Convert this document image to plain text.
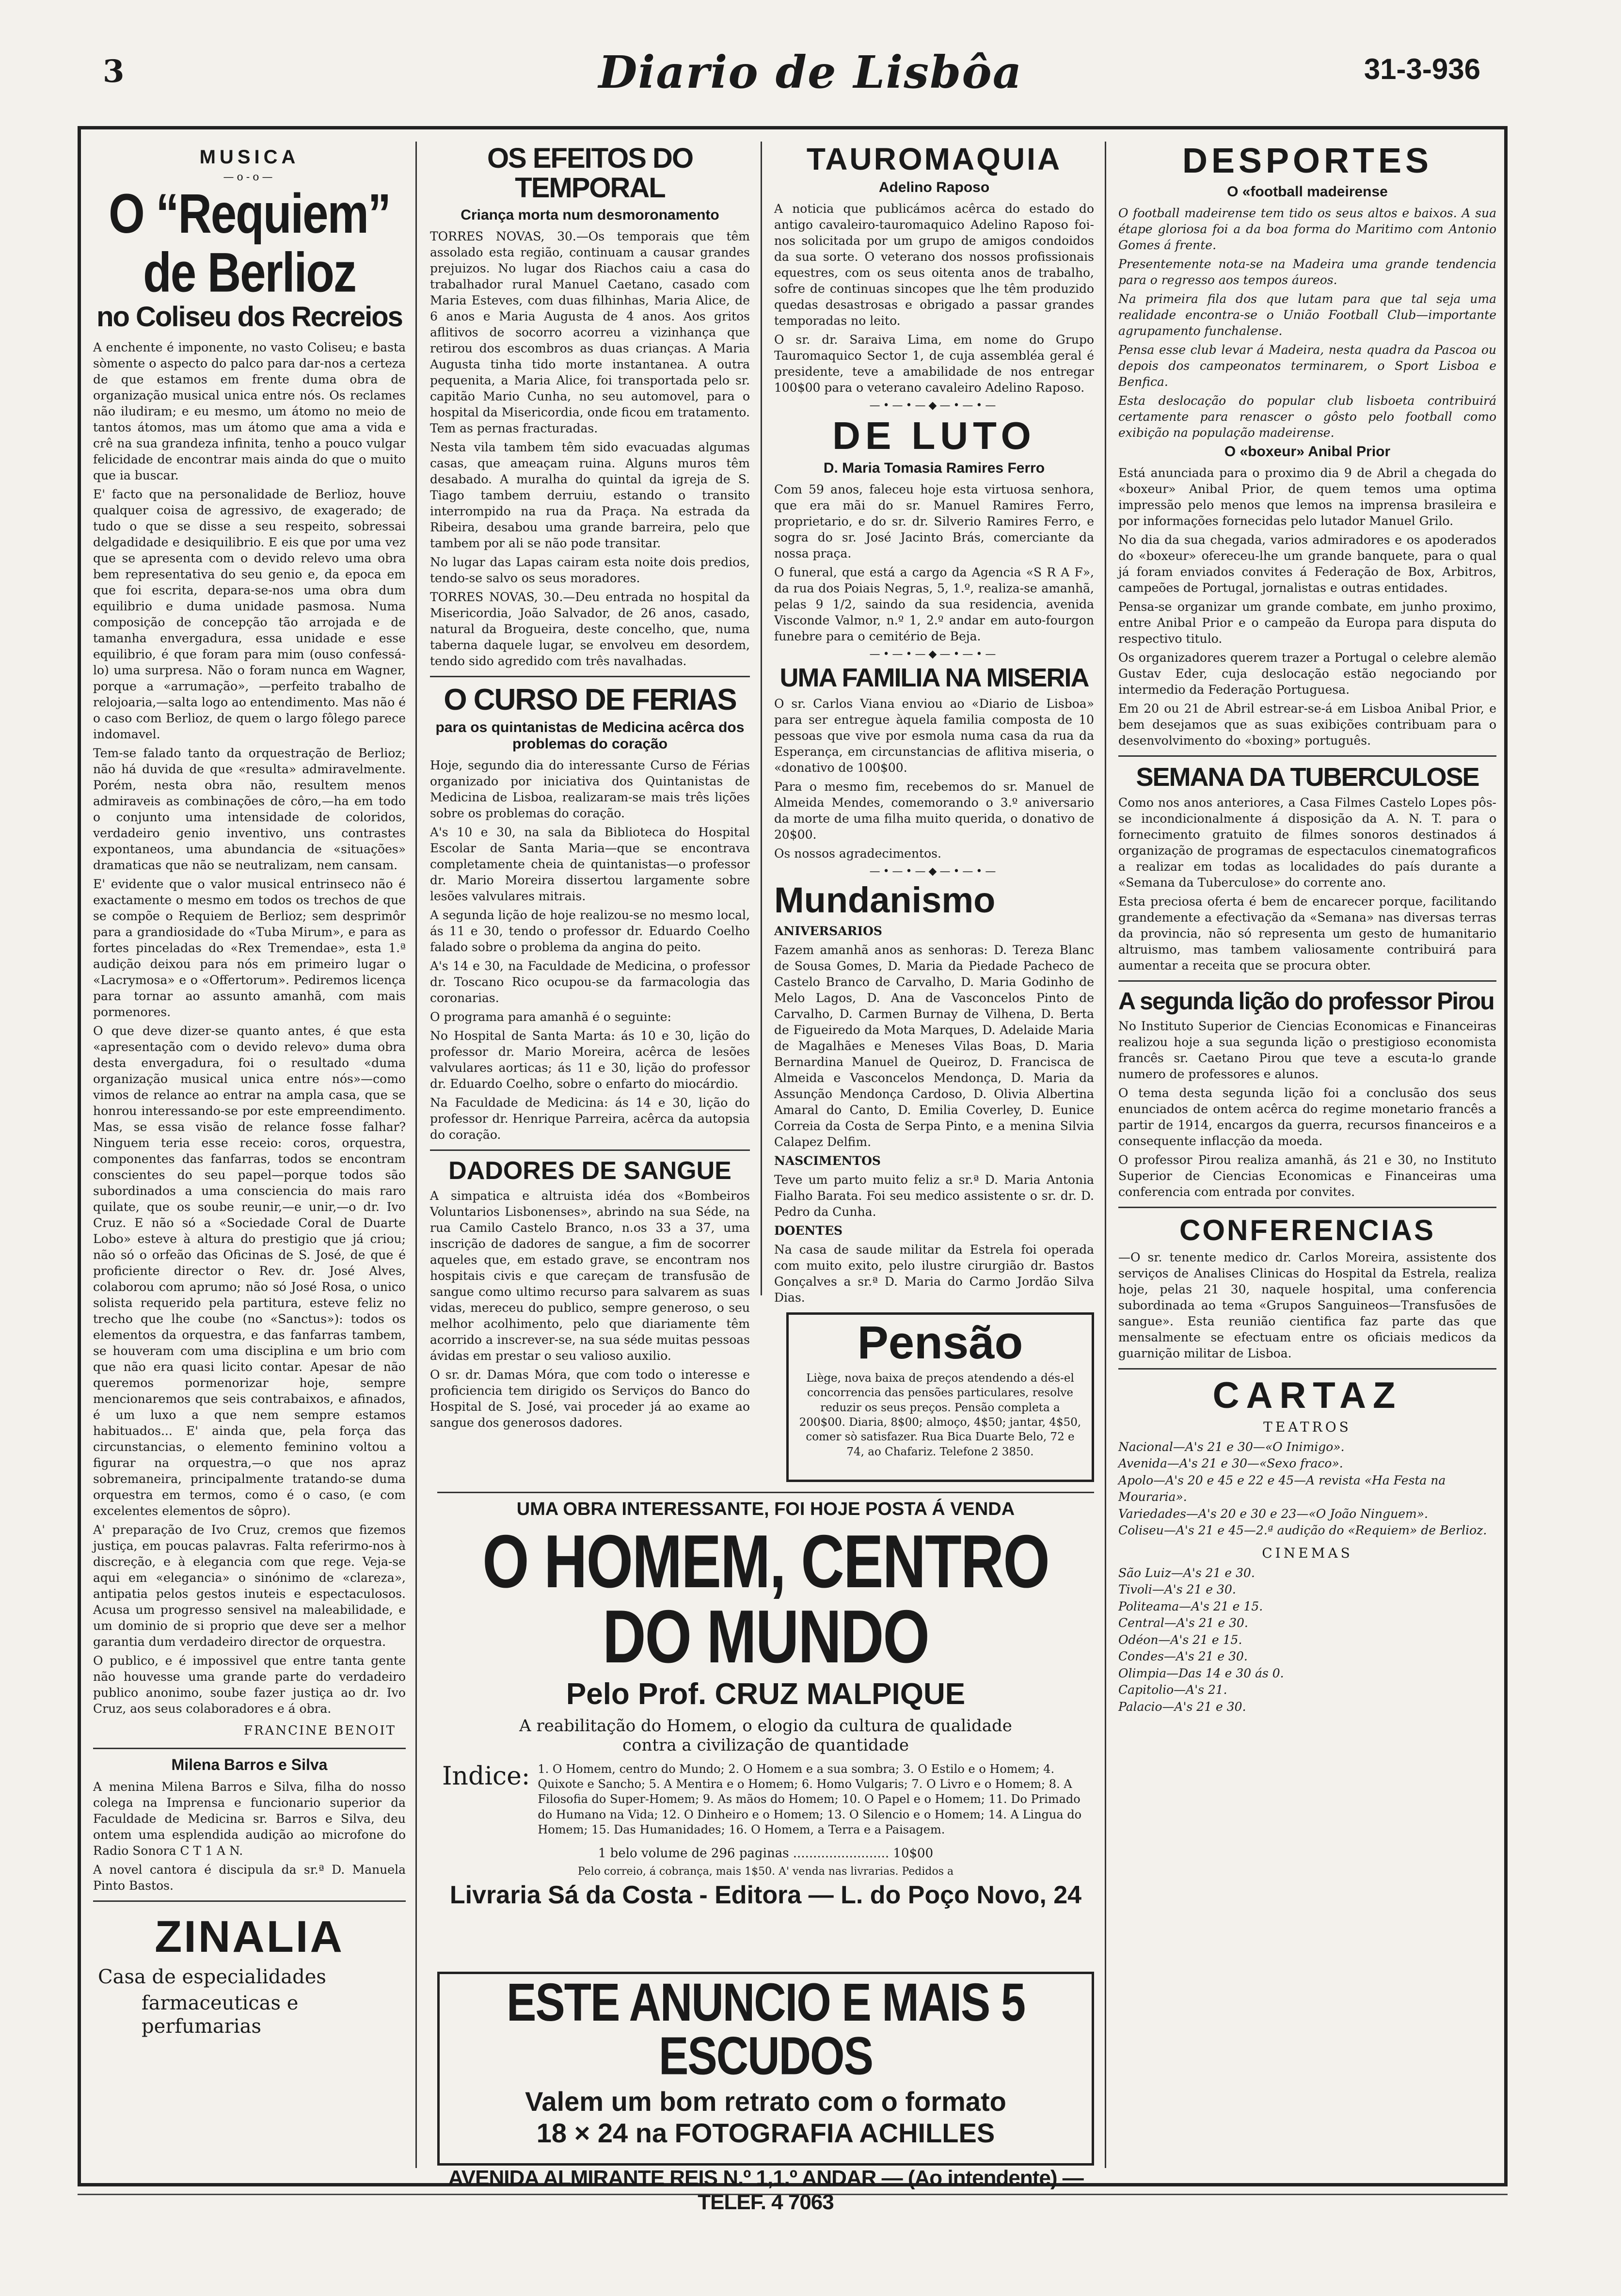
3	Diario de Lisbôa	31-3-936
MUSICA
—o-o—
O “Requiem” de Berlioz
no Coliseu dos Recreios

A enchente é imponente, no vasto Coliseu; e basta sòmente o aspecto do palco para dar-nos a certeza de que estamos em frente duma obra de organização musical unica entre nós. Os reclames não iludiram; e eu mesmo, um átomo no meio de tantos átomos, mas um átomo que ama a vida e crê na sua grandeza infinita, tenho a pouco vulgar felicidade de encontrar mais ainda do que o muito que ia buscar.

E' facto que na personalidade de Berlioz, houve qualquer coisa de agressivo, de exagerado; de tudo o que se disse a seu respeito, sobressai delgadidade e desiquilibrio. E eis que por uma vez que se apresenta com o devido relevo uma obra bem representativa do seu genio e, da epoca em que foi escrita, depara-se-nos uma obra dum equilibrio e duma unidade pasmosa. Numa composição de concepção tão arrojada e de tamanha envergadura, essa unidade e esse equilibrio, é que foram para mim (ouso confessá-lo) uma surpresa. Não o foram nunca em Wagner, porque a «arrumação», —perfeito trabalho de relojoaria,—salta logo ao entendimento. Mas não é o caso com Berlioz, de quem o largo fôlego parece indomavel.

Tem-se falado tanto da orquestração de Berlioz; não há duvida de que «resulta» admiravelmente. Porém, nesta obra não, resultem menos admiraveis as combinações de côro,—ha em todo o conjunto uma intensidade de coloridos, verdadeiro genio inventivo, uns contrastes expontaneos, uma abundancia de «situações» dramaticas que não se neutralizam, nem cansam.

E' evidente que o valor musical entrinseco não é exactamente o mesmo em todos os trechos de que se compõe o Requiem de Berlioz; sem desprimôr para a grandiosidade do «Tuba Mirum», e para as fortes pinceladas do «Rex Tremendae», esta 1.ª audição deixou para nós em primeiro lugar o «Lacrymosa» e o «Offertorum». Pediremos licença para tornar ao assunto amanhã, com mais pormenores.

O que deve dizer-se quanto antes, é que esta «apresentação com o devido relevo» duma obra desta envergadura, foi o resultado «duma organização musical unica entre nós»—como vimos de relance ao entrar na ampla casa, que se honrou interessando-se por este empreendimento. Mas, se essa visão de relance fosse falhar? Ninguem teria esse receio: coros, orquestra, componentes das fanfarras, todos se encontram conscientes do seu papel—porque todos são subordinados a uma consciencia do mais raro quilate, que os soube reunir,—e unir,—o dr. Ivo Cruz. E não só a «Sociedade Coral de Duarte Lobo» esteve à altura do prestigio que já criou; não só o orfeão das Oficinas de S. José, de que é proficiente director o Rev. dr. José Alves, colaborou com aprumo; não só José Rosa, o unico solista requerido pela partitura, esteve feliz no trecho que lhe coube (no «Sanctus»): todos os elementos da orquestra, e das fanfarras tambem, se houveram com uma disciplina e um brio com que não era quasi licito contar. Apesar de não queremos pormenorizar hoje, sempre mencionaremos que seis contrabaixos, e afinados, é um luxo a que nem sempre estamos habituados... E' ainda que, pela força das circunstancias, o elemento feminino voltou a figurar na orquestra,—o que nos apraz sobremaneira, principalmente tratando-se duma orquestra em termos, como é o caso, (e com excelentes elementos de sôpro).

A' preparação de Ivo Cruz, cremos que fizemos justiça, em poucas palavras. Falta referirmo-nos à discreção, e à elegancia com que rege. Veja-se aqui em «elegancia» o sinónimo de «clareza», antipatia pelos gestos inuteis e espectaculosos. Acusa um progresso sensivel na maleabilidade, e um dominio de si proprio que deve ser a melhor garantia dum verdadeiro director de orquestra.

O publico, e é impossivel que entre tanta gente não houvesse uma grande parte do verdadeiro publico anonimo, soube fazer justiça ao dr. Ivo Cruz, aos seus colaboradores e á obra.

FRANCINE BENOIT
Milena Barros e Silva

A menina Milena Barros e Silva, filha do nosso colega na Imprensa e funcionario superior da Faculdade de Medicina sr. Barros e Silva, deu ontem uma esplendida audição ao microfone do Radio Sonora C T 1 A N.

A novel cantora é discipula da sr.ª D. Manuela Pinto Bastos.

ZINALIA
Casa de especialidades
farmaceuticas e perfumarias
OS EFEITOS DO TEMPORAL
Criança morta num desmoronamento

TORRES NOVAS, 30.—Os temporais que têm assolado esta região, continuam a causar grandes prejuizos. No lugar dos Riachos caiu a casa do trabalhador rural Manuel Caetano, casado com Maria Esteves, com duas filhinhas, Maria Alice, de 6 anos e Maria Augusta de 4 anos. Aos gritos aflitivos de socorro acorreu a vizinhança que retirou dos escombros as duas crianças. A Maria Augusta tinha tido morte instantanea. A outra pequenita, a Maria Alice, foi transportada pelo sr. capitão Mario Cunha, no seu automovel, para o hospital da Misericordia, onde ficou em tratamento. Tem as pernas fracturadas.

Nesta vila tambem têm sido evacuadas algumas casas, que ameaçam ruina. Alguns muros têm desabado. A muralha do quintal da igreja de S. Tiago tambem derruiu, estando o transito interrompido na rua da Praça. Na estrada da Ribeira, desabou uma grande barreira, pelo que tambem por ali se não pode transitar.

No lugar das Lapas cairam esta noite dois predios, tendo-se salvo os seus moradores.

TORRES NOVAS, 30.—Deu entrada no hospital da Misericordia, João Salvador, de 26 anos, casado, natural da Brogueira, deste concelho, que, numa taberna daquele lugar, se envolveu em desordem, tendo sido agredido com três navalhadas.

O CURSO DE FERIAS
para os quintanistas de Medicina acêrca dos problemas do coração

Hoje, segundo dia do interessante Curso de Férias organizado por iniciativa dos Quintanistas de Medicina de Lisboa, realizaram-se mais três lições sobre os problemas do coração.

A's 10 e 30, na sala da Biblioteca do Hospital Escolar de Santa Maria—que se encontrava completamente cheia de quintanistas—o professor dr. Mario Moreira dissertou largamente sobre lesões valvulares mitrais.

A segunda lição de hoje realizou-se no mesmo local, ás 11 e 30, tendo o professor dr. Eduardo Coelho falado sobre o problema da angina do peito.

A's 14 e 30, na Faculdade de Medicina, o professor dr. Toscano Rico ocupou-se da farmacologia das coronarias.

O programa para amanhã é o seguinte:

No Hospital de Santa Marta: ás 10 e 30, lição do professor dr. Mario Moreira, acêrca de lesões valvulares aorticas; ás 11 e 30, lição do professor dr. Eduardo Coelho, sobre o enfarto do miocárdio.

Na Faculdade de Medicina: ás 14 e 30, lição do professor dr. Henrique Parreira, acêrca da autopsia do coração.

DADORES DE SANGUE

A simpatica e altruista idéa dos «Bombeiros Voluntarios Lisbonenses», abrindo na sua Séde, na rua Camilo Castelo Branco, n.os 33 a 37, uma inscrição de dadores de sangue, a fim de socorrer aqueles que, em estado grave, se encontram nos hospitais civis e que careçam de transfusão de sangue como ultimo recurso para salvarem as suas vidas, mereceu do publico, sempre generoso, o seu melhor acolhimento, pelo que diariamente têm acorrido a inscrever-se, na sua séde muitas pessoas ávidas em prestar o seu valioso auxilio.

O sr. dr. Damas Móra, que com todo o interesse e proficiencia tem dirigido os Serviços do Banco do Hospital de S. José, vai proceder já ao exame ao sangue dos generosos dadores.

TAUROMAQUIA
Adelino Raposo

A noticia que publicámos acêrca do estado do antigo cavaleiro-tauromaquico Adelino Raposo foi-nos solicitada por um grupo de amigos condoidos da sua sorte. O veterano dos nossos profissionais equestres, com os seus oitenta anos de trabalho, sofre de continuas sincopes que lhe têm produzido quedas desastrosas e obrigado a passar grandes temporadas no leito.

O sr. dr. Saraiva Lima, em nome do Grupo Tauromaquico Sector 1, de cuja assembléa geral é presidente, teve a amabilidade de nos entregar 100$00 para o veterano cavaleiro Adelino Raposo.

—•—•—◆—•—•—
DE LUTO
D. Maria Tomasia Ramires Ferro

Com 59 anos, faleceu hoje esta virtuosa senhora, que era mãi do sr. Manuel Ramires Ferro, proprietario, e do sr. dr. Silverio Ramires Ferro, e sogra do sr. José Jacinto Brás, comerciante da nossa praça.

O funeral, que está a cargo da Agencia «S R A F», da rua dos Poiais Negras, 5, 1.º, realiza-se amanhã, pelas 9 1/2, saindo da sua residencia, avenida Visconde Valmor, n.º 1, 2.º andar em auto-fourgon funebre para o cemitério de Beja.

—•—•—◆—•—•—
UMA FAMILIA NA MISERIA

O sr. Carlos Viana enviou ao «Diario de Lisboa» para ser entregue àquela familia composta de 10 pessoas que vive por esmola numa casa da rua da Esperança, em circunstancias de aflitiva miseria, o «donativo de 100$00.

Para o mesmo fim, recebemos do sr. Manuel de Almeida Mendes, comemorando o 3.º aniversario da morte de uma filha muito querida, o donativo de 20$00.

Os nossos agradecimentos.

—•—•—◆—•—•—
Mundanismo
ANIVERSARIOS

Fazem amanhã anos as senhoras: D. Tereza Blanc de Sousa Gomes, D. Maria da Piedade Pacheco de Castelo Branco de Carvalho, D. Maria Godinho de Melo Lagos, D. Ana de Vasconcelos Pinto de Carvalho, D. Carmen Burnay de Vilhena, D. Berta de Figueiredo da Mota Marques, D. Adelaide Maria de Magalhães e Meneses Vilas Boas, D. Maria Bernardina Manuel de Queiroz, D. Francisca de Almeida e Vasconcelos Mendonça, D. Maria da Assunção Mendonça Cardoso, D. Olivia Albertina Amaral do Canto, D. Emilia Coverley, D. Eunice Correia da Costa de Serpa Pinto, e a menina Silvia Calapez Delfim.

NASCIMENTOS

Teve um parto muito feliz a sr.ª D. Maria Antonia Fialho Barata. Foi seu medico assistente o sr. dr. D. Pedro da Cunha.

DOENTES

Na casa de saude militar da Estrela foi operada com muito exito, pelo ilustre cirurgião dr. Bastos Gonçalves a sr.ª D. Maria do Carmo Jordão Silva Dias.

Pensão

Liège, nova baixa de preços atendendo a dés-el concorrencia das pensões particulares, resolve reduzir os seus preços. Pensão completa a 200$00. Diaria, 8$00; almoço, 4$50; jantar, 4$50, comer sò satisfazer. Rua Bica Duarte Belo, 72 e 74, ao Chafariz. Telefone 2 3850.

UMA OBRA INTERESSANTE, FOI HOJE POSTA Á VENDA
O HOMEM, CENTRO DO MUNDO
Pelo Prof. CRUZ MALPIQUE
A reabilitação do Homem, o elogio da cultura de qualidade
contra a civilização de quantidade
Indice: 1. O Homem, centro do Mundo; 2. O Homem e a sua sombra; 3. O Estilo e o Homem; 4. Quixote e Sancho; 5. A Mentira e o Homem; 6. Homo Vulgaris; 7. O Livro e o Homem; 8. A Filosofia do Super-Homem; 9. As mãos do Homem; 10. O Papel e o Homem; 11. Do Primado do Humano na Vida; 12. O Dinheiro e o Homem; 13. O Silencio e o Homem; 14. A Lingua do Homem; 15. Das Humanidades; 16. O Homem, a Terra e a Paisagem.
1 belo volume de 296 paginas ........................ 10$00
Pelo correio, á cobrança, mais 1$50. A' venda nas livrarias. Pedidos a
Livraria Sá da Costa - Editora — L. do Poço Novo, 24
ESTE ANUNCIO E MAIS 5 ESCUDOS
Valem um bom retrato com o formato
18 × 24 na FOTOGRAFIA ACHILLES
AVENIDA ALMIRANTE REIS N.º 1,1.º ANDAR — (Ao intendente) — TELEF. 4 7063
DESPORTES
O «football madeirense

O football madeirense tem tido os seus altos e baixos. A sua étape gloriosa foi a da boa forma do Maritimo com Antonio Gomes á frente.

Presentemente nota-se na Madeira uma grande tendencia para o regresso aos tempos áureos.

Na primeira fila dos que lutam para que tal seja uma realidade encontra-se o União Football Club—importante agrupamento funchalense.

Pensa esse club levar á Madeira, nesta quadra da Pascoa ou depois dos campeonatos terminarem, o Sport Lisboa e Benfica.

Esta deslocação do popular club lisboeta contribuirá certamente para renascer o gôsto pelo football como exibição na população madeirense.

O «boxeur» Anibal Prior

Está anunciada para o proximo dia 9 de Abril a chegada do «boxeur» Anibal Prior, de quem temos uma optima impressão pelo menos que lemos na imprensa brasileira e por informações fornecidas pelo lutador Manuel Grilo.

No dia da sua chegada, varios admiradores e os apoderados do «boxeur» ofereceu-lhe um grande banquete, para o qual já foram enviados convites á Federação de Box, Arbitros, campeões de Portugal, jornalistas e outras entidades.

Pensa-se organizar um grande combate, em junho proximo, entre Anibal Prior e o campeão da Europa para disputa do respectivo titulo.

Os organizadores querem trazer a Portugal o celebre alemão Gustav Eder, cuja deslocação estão negociando por intermedio da Federação Portuguesa.

Em 20 ou 21 de Abril estrear-se-á em Lisboa Anibal Prior, e bem desejamos que as suas exibições contribuam para o desenvolvimento do «boxing» português.

SEMANA DA TUBERCULOSE

Como nos anos anteriores, a Casa Filmes Castelo Lopes pôs-se incondicionalmente á disposição da A. N. T. para o fornecimento gratuito de filmes sonoros destinados á organização de programas de espectaculos cinematograficos a realizar em todas as localidades do país durante a «Semana da Tuberculose» do corrente ano.

Esta preciosa oferta é bem de encarecer porque, facilitando grandemente a efectivação da «Semana» nas diversas terras da provincia, não só representa um gesto de humanitario altruismo, mas tambem valiosamente contribuirá para aumentar a receita que se procura obter.

A segunda lição do professor Pirou

No Instituto Superior de Ciencias Economicas e Financeiras realizou hoje a sua segunda lição o prestigioso economista francês sr. Caetano Pirou que teve a escuta-lo grande numero de professores e alunos.

O tema desta segunda lição foi a conclusão dos seus enunciados de ontem acêrca do regime monetario francês a partir de 1914, encargos da guerra, recursos financeiros e a consequente inflacção da moeda.

O professor Pirou realiza amanhã, ás 21 e 30, no Instituto Superior de Ciencias Economicas e Financeiras uma conferencia com entrada por convites.

CONFERENCIAS

—O sr. tenente medico dr. Carlos Moreira, assistente dos serviços de Analises Clinicas do Hospital da Estrela, realiza hoje, pelas 21 30, naquele hospital, uma conferencia subordinada ao tema «Grupos Sanguineos—Transfusões de sangue». Esta reunião cientifica faz parte das que mensalmente se efectuam entre os oficiais medicos da guarnição militar de Lisboa.

CARTAZ
TEATROS
Nacional—A's 21 e 30—«O Inimigo».
Avenida—A's 21 e 30—«Sexo fraco».
Apolo—A's 20 e 45 e 22 e 45—A revista «Ha Festa na Mouraria».
Variedades—A's 20 e 30 e 23—«O João Ninguem».
Coliseu—A's 21 e 45—2.ª audição do «Requiem» de Berlioz.
CINEMAS
São Luiz—A's 21 e 30.
Tivoli—A's 21 e 30.
Politeama—A's 21 e 15.
Central—A's 21 e 30.
Odéon—A's 21 e 15.
Condes—A's 21 e 30.
Olimpia—Das 14 e 30 ás 0.
Capitolio—A's 21.
Palacio—A's 21 e 30.
